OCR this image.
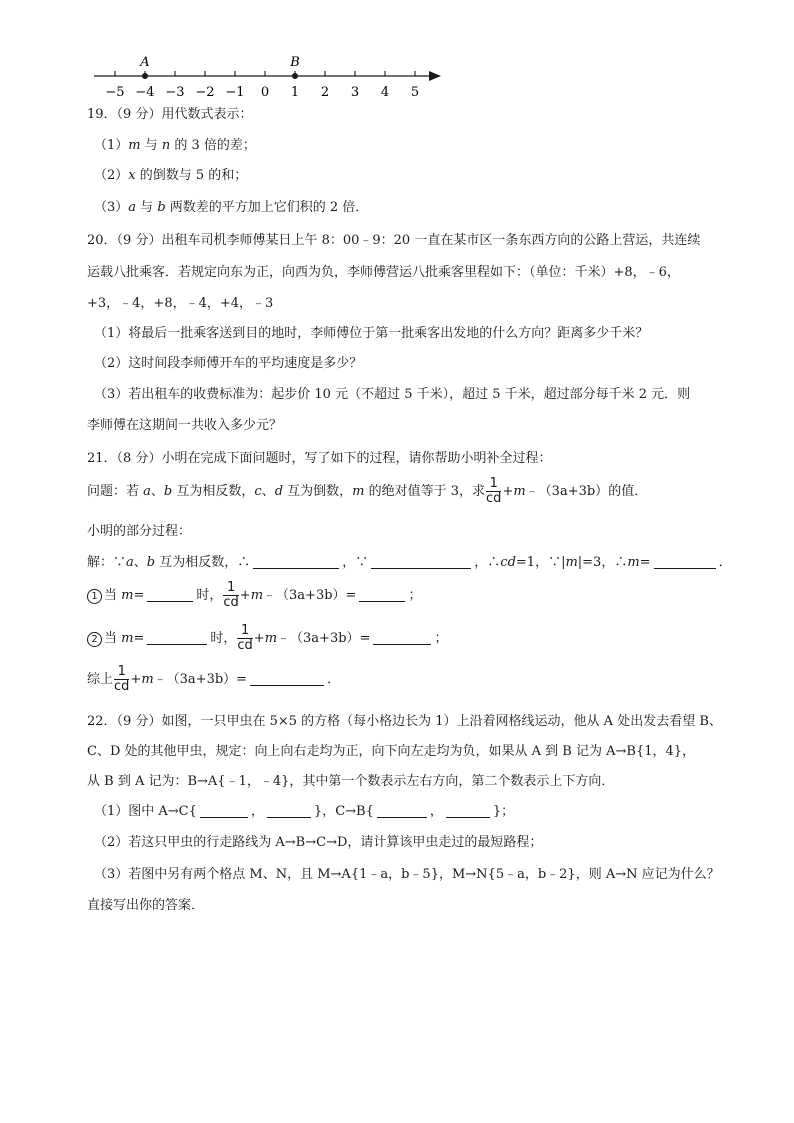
−5 −4 −3 −2 −1 0 1 2 3 4 5
A	B
19．（9 分）用代数式表示：
（1）m 与 n 的 3 倍的差；
（2）x 的倒数与 5 的和；
（3）a 与 b 两数差的平方加上它们积的 2 倍．
20．（9 分）出租车司机李师傅某日上午 8：00﹣9：20 一直在某市区一条东西方向的公路上营运，共连续
运载八批乘客．若规定向东为正，向西为负，李师傅营运八批乘客里程如下：（单位：千米）+8，﹣6，
+3，﹣4，+8，﹣4，+4，﹣3
（1）将最后一批乘客送到目的地时，李师傅位于第一批乘客出发地的什么方向？距离多少千米？
（2）这时间段李师傅开车的平均速度是多少？
（3）若出租车的收费标准为：起步价 10 元（不超过 5 千米），超过 5 千米，超过部分每千米 2 元．则
李师傅在这期间一共收入多少元？
21．（8 分）小明在完成下面问题时，写了如下的过程，请你帮助小明补全过程：
问题：若 a、b 互为相反数，c、d 互为倒数，m 的绝对值等于 3，求 $\frac{1}{cd}$ +m﹣（3a+3b）的值．
小明的部分过程：
解：∵a、b 互为相反数，∴	，∵	，∴cd=1，∵|m|=3，∴m=	．
1 当 m=	时， $\frac{1}{cd}$ +m﹣（3a+3b）=	；
2 当 m=	时， $\frac{1}{cd}$ +m﹣（3a+3b）=	；
综上 $\frac{1}{cd}$ +m﹣（3a+3b）=	．
22．（9 分）如图，一只甲虫在 5×5 的方格（每小格边长为 1）上沿着网格线运动，他从 A 处出发去看望 B、
C、D 处的其他甲虫，规定：向上向右走均为正，向下向左走均为负，如果从 A 到 B 记为 A→B{1，4}，
从 B 到 A 记为：B→A{﹣1，﹣4}，其中第一个数表示左右方向，第二个数表示上下方向．
（1）图中 A→C{	，	}，C→B{	，	}；
（2）若这只甲虫的行走路线为 A→B→C→D，请计算该甲虫走过的最短路程；
（3）若图中另有两个格点 M、N，且 M→A{1﹣a，b﹣5}，M→N{5﹣a，b﹣2}，则 A→N 应记为什么？
直接写出你的答案．
